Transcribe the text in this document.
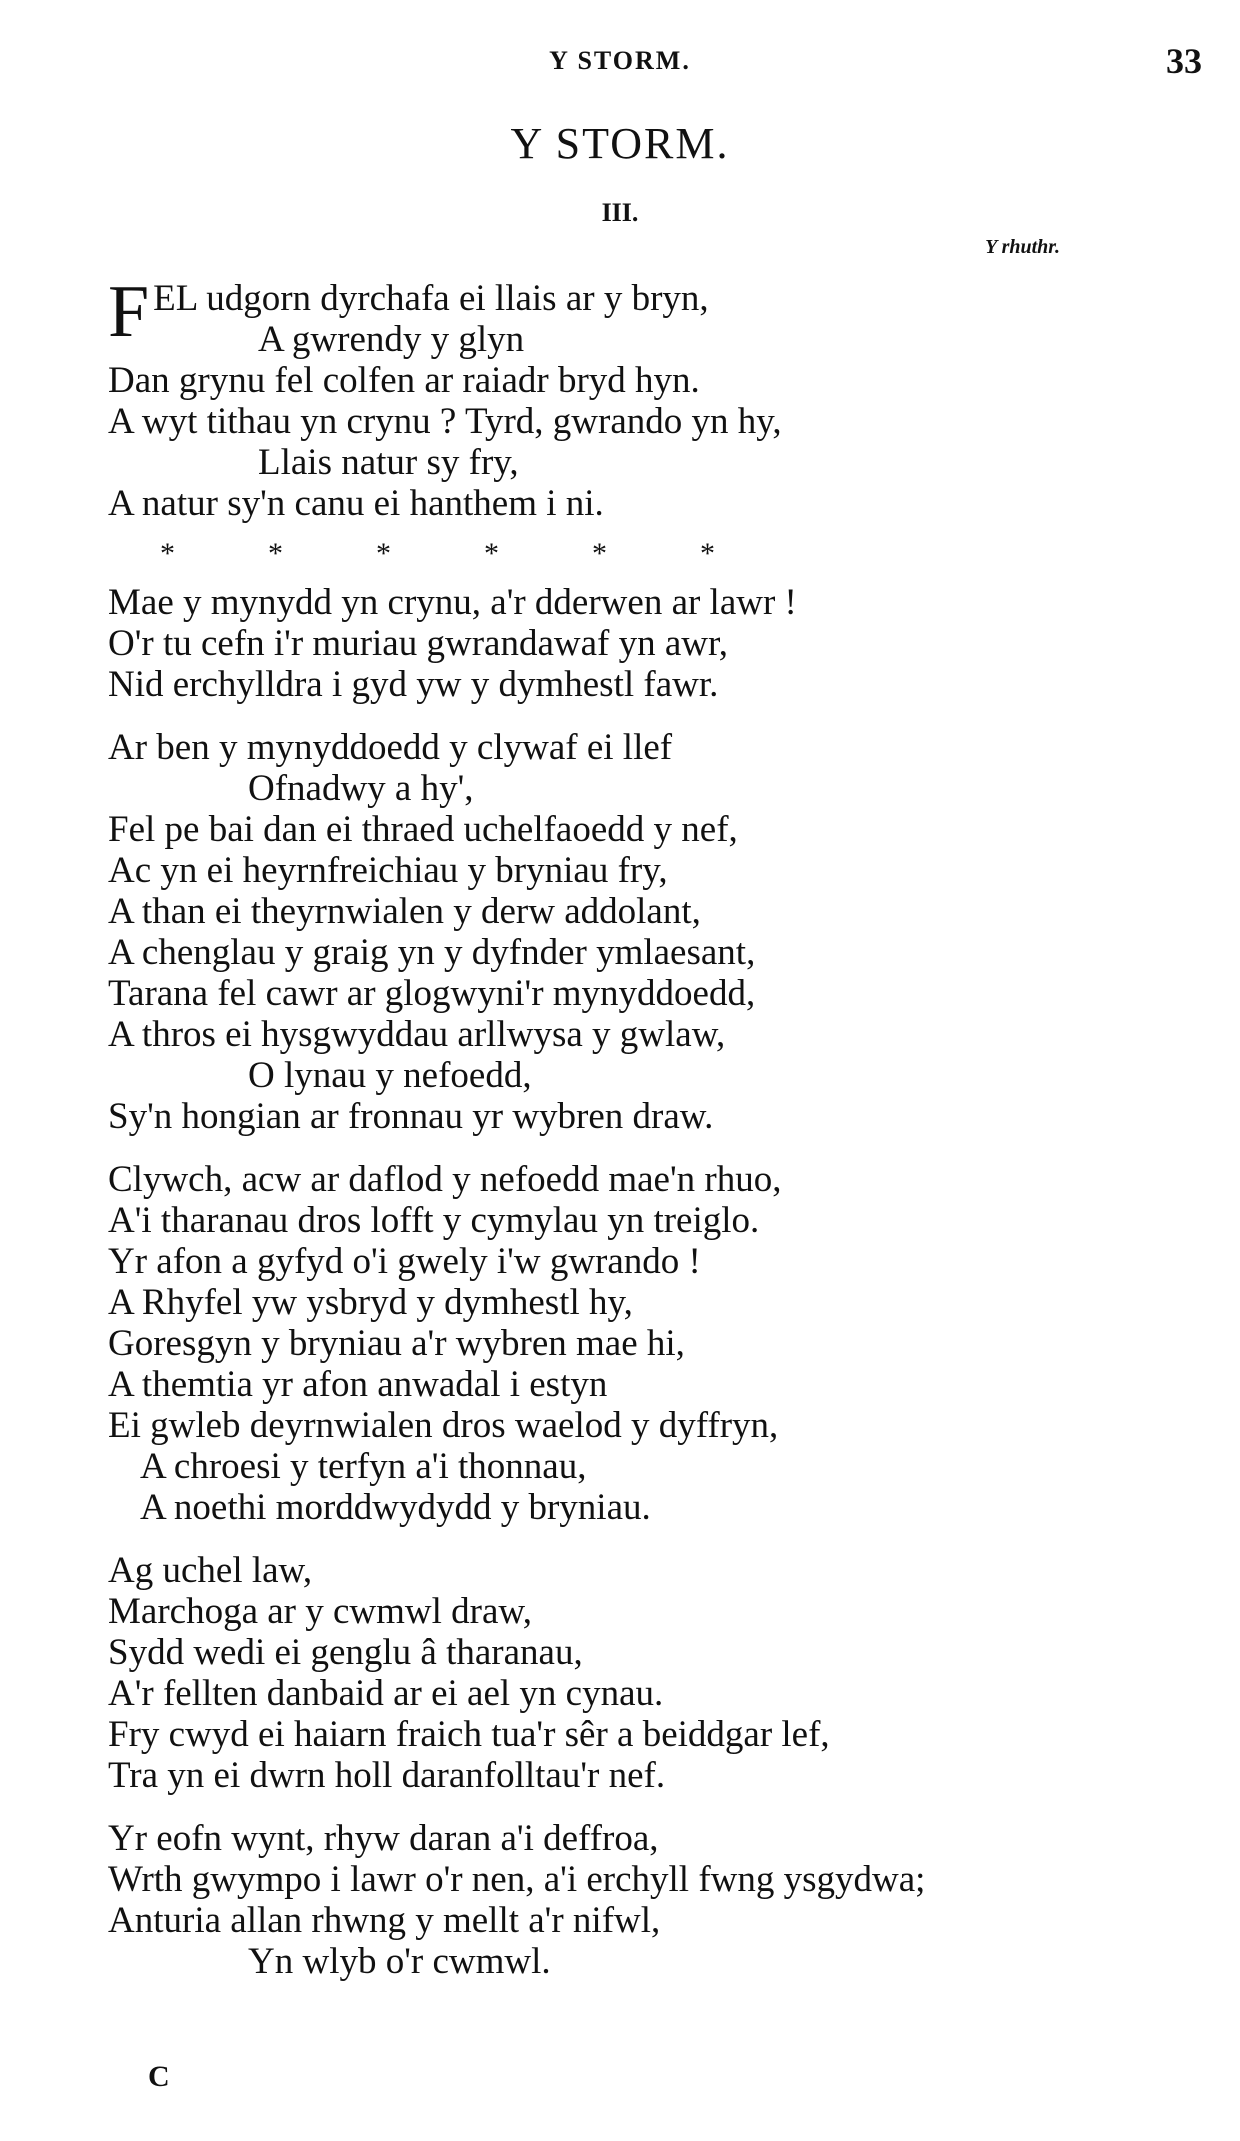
Y STORM.	33
Y STORM.
III.
Y rhuthr.
FEL udgorn dyrchafa ei llais ar y bryn,
A gwrendy y glyn
Dan grynu fel colfen ar raiadr bryd hyn.
A wyt tithau yn crynu ? Tyrd, gwrando yn hy,
Llais natur sy fry,
A natur sy'n canu ei hanthem i ni.
*	*	*	*	*	*
Mae y mynydd yn crynu, a'r dderwen ar lawr !
O'r tu cefn i'r muriau gwrandawaf yn awr,
Nid erchylldra i gyd yw y dymhestl fawr.
Ar ben y mynyddoedd y clywaf ei llef
Ofnadwy a hy',
Fel pe bai dan ei thraed uchelfaoedd y nef,
Ac yn ei heyrnfreichiau y bryniau fry,
A than ei theyrnwialen y derw addolant,
A chenglau y graig yn y dyfnder ymlaesant,
Tarana fel cawr ar glogwyni'r mynyddoedd,
A thros ei hysgwyddau arllwysa y gwlaw,
O lynau y nefoedd,
Sy'n hongian ar fronnau yr wybren draw.
Clywch, acw ar daflod y nefoedd mae'n rhuo,
A'i tharanau dros lofft y cymylau yn treiglo.
Yr afon a gyfyd o'i gwely i'w gwrando !
A Rhyfel yw ysbryd y dymhestl hy,
Goresgyn y bryniau a'r wybren mae hi,
A themtia yr afon anwadal i estyn
Ei gwleb deyrnwialen dros waelod y dyffryn,
A chroesi y terfyn a'i thonnau,
A noethi morddwydydd y bryniau.
Ag uchel law,
Marchoga ar y cwmwl draw,
Sydd wedi ei genglu â tharanau,
A'r fellten danbaid ar ei ael yn cynau.
Fry cwyd ei haiarn fraich tua'r sêr a beiddgar lef,
Tra yn ei dwrn holl daranfolltau'r nef.
Yr eofn wynt, rhyw daran a'i deffroa,
Wrth gwympo i lawr o'r nen, a'i erchyll fwng ysgydwa;
Anturia allan rhwng y mellt a'r nifwl,
Yn wlyb o'r cwmwl.
C
